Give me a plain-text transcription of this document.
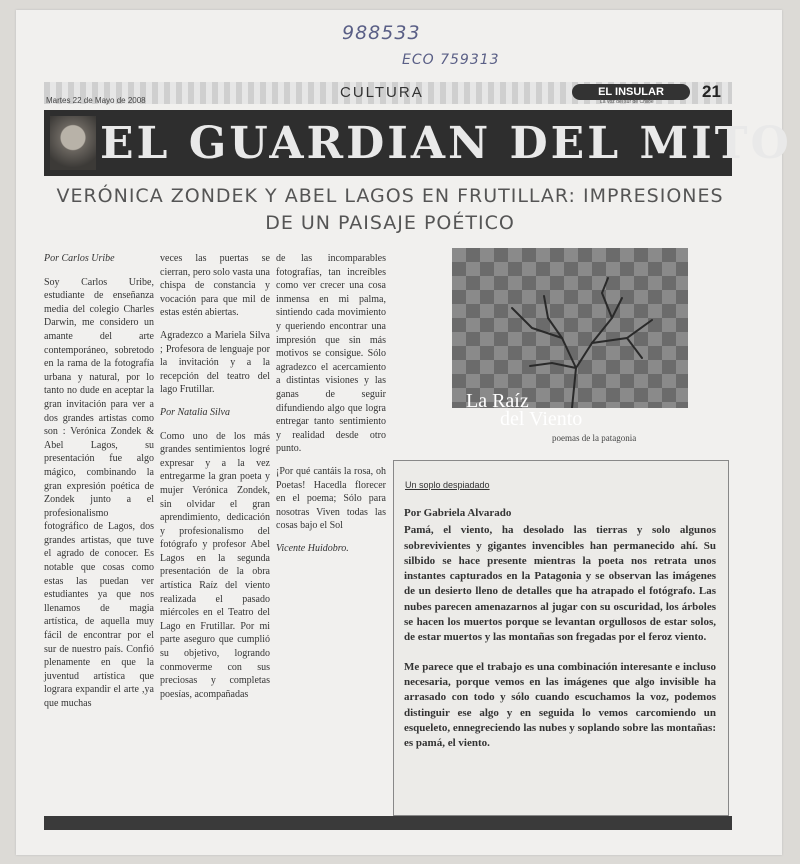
988533
ECO 759313
Martes 22 de Mayo de 2008	CULTURA	EL INSULAR
La voz del sur de Chiloé
21
EL GUARDIAN DEL MITO
VERÓNICA ZONDEK Y ABEL LAGOS EN FRUTILLAR: IMPRESIONES DE UN PAISAJE POÉTICO

Por Carlos Uribe

Soy Carlos Uribe, estudiante de enseñanza media del colegio Charles Darwin, me considero un amante del arte contemporáneo, sobretodo en la rama de la fotografía urbana y natural, por lo tanto no dude en aceptar la gran invitación para ver a dos grandes artistas como son : Verónica Zondek & Abel Lagos, su presentación fue algo mágico, combinando la gran expresión poética de Zondek junto a el profesionalismo fotográfico de Lagos, dos grandes artistas, que tuve el agrado de conocer. Es notable que cosas como estas las puedan ver estudiantes ya que nos llenamos de magia artística, de aquella muy fácil de encontrar por el sur de nuestro país. Confió plenamente en que la juventud artística que lograra expandir el arte ,ya que muchas

veces las puertas se cierran, pero solo vasta una chispa de constancia y vocación para que mil de estas estén abiertas.

Agradezco a Mariela Silva ; Profesora de lenguaje por la invitación y a la recepción del teatro del lago Frutillar.

Por Natalia Silva

Como uno de los más grandes sentimientos logré expresar y a la vez entregarme la gran poeta y mujer Verónica Zondek, sin olvidar el gran aprendimiento, dedicación y profesionalismo del fotógrafo y profesor Abel Lagos en la segunda presentación de la obra artística Raíz del viento realizada el pasado miércoles en el Teatro del Lago en Frutillar. Por mi parte aseguro que cumplió su objetivo, logrando conmoverme con sus preciosas y completas poesías, acompañadas

de las incomparables fotografías, tan increíbles como ver crecer una cosa inmensa en mi palma, sintiendo cada movimiento y queriendo encontrar una impresión que sin más motivos se consigue. Sólo agradezco el acercamiento a distintas visiones y las ganas de seguir difundiendo algo que logra entregar tanto sentimiento y realidad desde otro punto.

¡Por qué cantáis la rosa, oh Poetas! Hacedla florecer en el poema; Sólo para nosotras Viven todas las cosas bajo el Sol

Vicente Huidobro.

La Raíz
del Viento
poemas de la patagonia
Un soplo despiadado

Por Gabriela Alvarado

Pamá, el viento, ha desolado las tierras y solo algunos sobrevivientes y gigantes invencibles han permanecido ahí. Su silbido se hace presente mientras la poeta nos retrata unos instantes capturados en la Patagonia y se observan las imágenes de un desierto lleno de detalles que ha atrapado el fotógrafo. Las nubes parecen amenazarnos al jugar con su oscuridad, los árboles se hacen los muertos porque se levantan orgullosos de estar solos, de estar muertos y las montañas son fregadas por el feroz viento.

Me parece que el trabajo es una combinación interesante e incluso necesaria, porque vemos en las imágenes que algo invisible ha arrasado con todo y sólo cuando escuchamos la voz, podemos distinguir ese algo y en seguida lo vemos carcomiendo un esqueleto, ennegreciendo las nubes y soplando sobre las montañas: es pamá, el viento.
